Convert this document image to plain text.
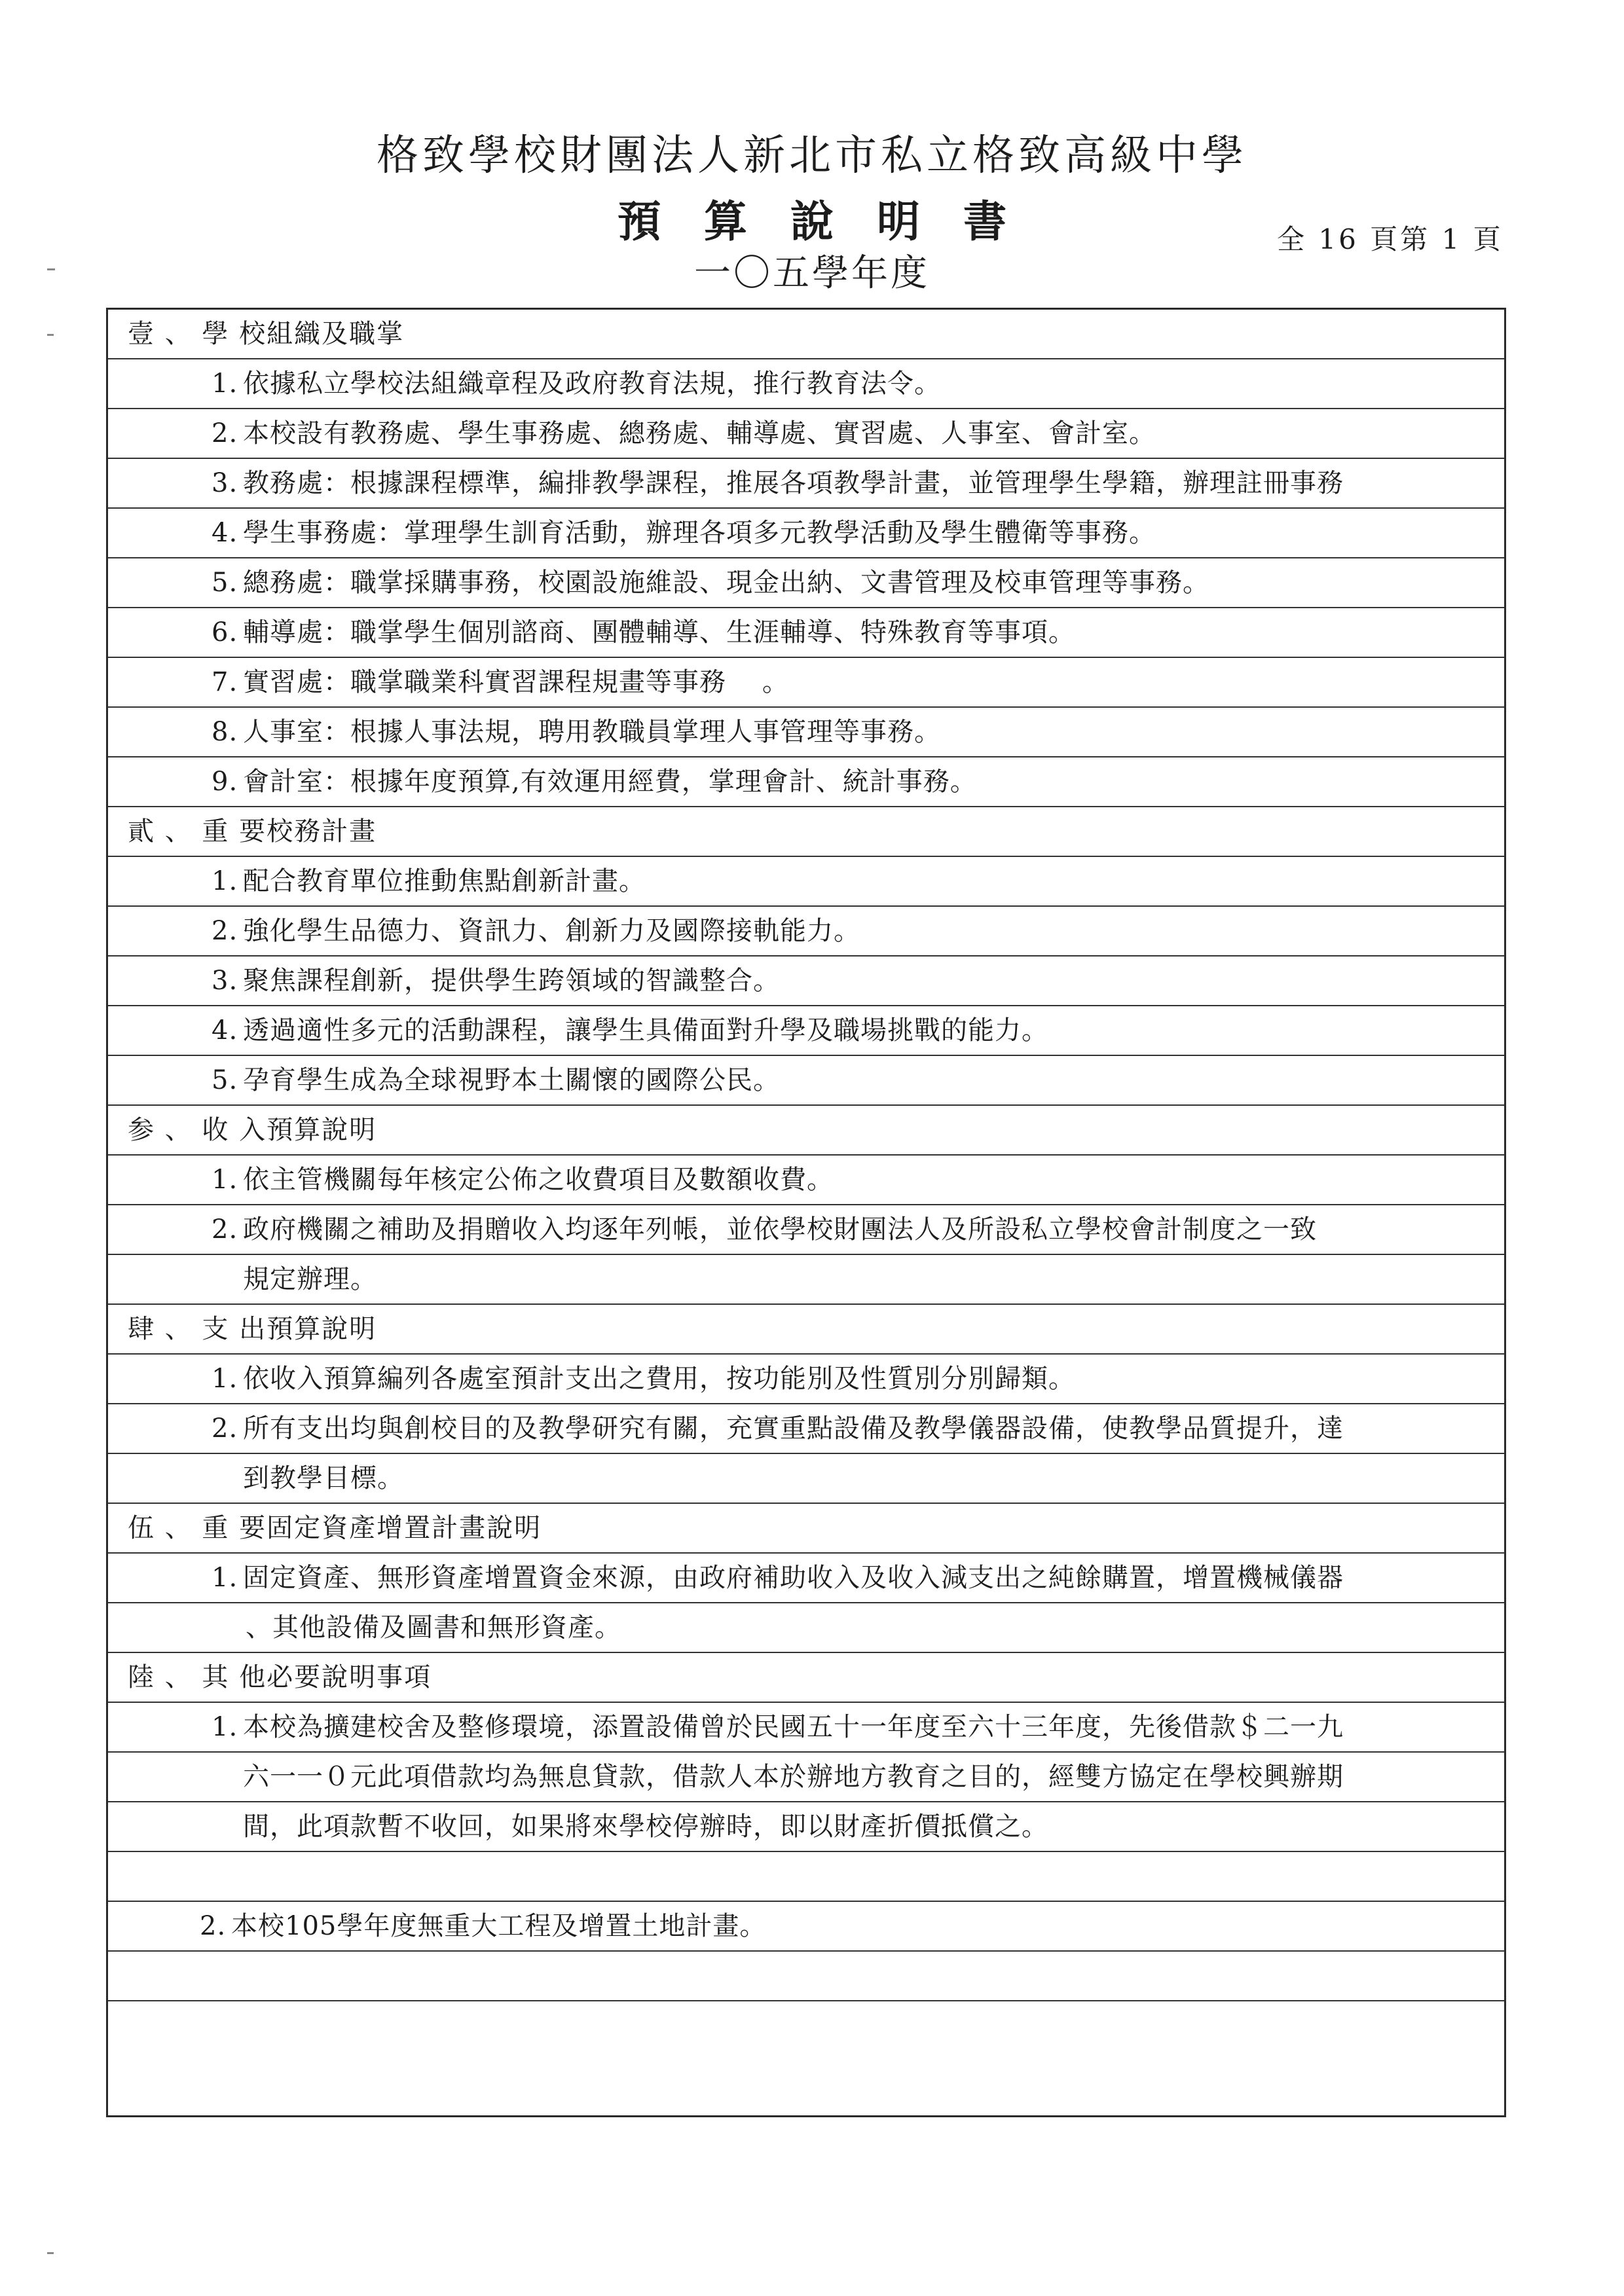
格致學校財團法人新北市私立格致高級中學
預算說明書
一〇五學年度
全 16 頁第 1 頁
壹 、 學 校組織及職掌
1. 依據私立學校法組織章程及政府教育法規，推行教育法令。
2. 本校設有教務處、學生事務處、總務處、輔導處、實習處、人事室、會計室。
3. 教務處：根據課程標準，編排教學課程，推展各項教學計畫，並管理學生學籍，辦理註冊事務
4. 學生事務處：掌理學生訓育活動，辦理各項多元教學活動及學生體衛等事務。
5. 總務處：職掌採購事務，校園設施維設、現金出納、文書管理及校車管理等事務。
6. 輔導處：職掌學生個別諮商、團體輔導、生涯輔導、特殊教育等事項。
7. 實習處：職掌職業科實習課程規畫等事務    。
8. 人事室：根據人事法規，聘用教職員掌理人事管理等事務。
9. 會計室：根據年度預算,有效運用經費，掌理會計、統計事務。
貳 、 重 要校務計畫
1. 配合教育單位推動焦點創新計畫。
2. 強化學生品德力、資訊力、創新力及國際接軌能力。
3. 聚焦課程創新，提供學生跨領域的智識整合。
4. 透過適性多元的活動課程，讓學生具備面對升學及職場挑戰的能力。
5. 孕育學生成為全球視野本土關懷的國際公民。
参 、 收 入預算說明
1. 依主管機關每年核定公佈之收費項目及數額收費。
2. 政府機關之補助及捐贈收入均逐年列帳，並依學校財團法人及所設私立學校會計制度之一致
規定辦理。
肆 、 支 出預算說明
1. 依收入預算編列各處室預計支出之費用，按功能別及性質別分別歸類。
2. 所有支出均與創校目的及教學研究有關，充實重點設備及教學儀器設備，使教學品質提升，達
到教學目標。
伍 、 重 要固定資產增置計畫說明
1. 固定資產、無形資產增置資金來源，由政府補助收入及收入減支出之純餘購置，增置機械儀器
、其他設備及圖書和無形資產。
陸 、 其 他必要說明事項
1. 本校為擴建校舍及整修環境，添置設備曾於民國五十一年度至六十三年度，先後借款＄二一九
六一一０元此項借款均為無息貸款，借款人本於辦地方教育之目的，經雙方協定在學校興辦期
間，此項款暫不收回，如果將來學校停辦時，即以財產折價抵償之。
2. 本校105學年度無重大工程及增置土地計畫。
